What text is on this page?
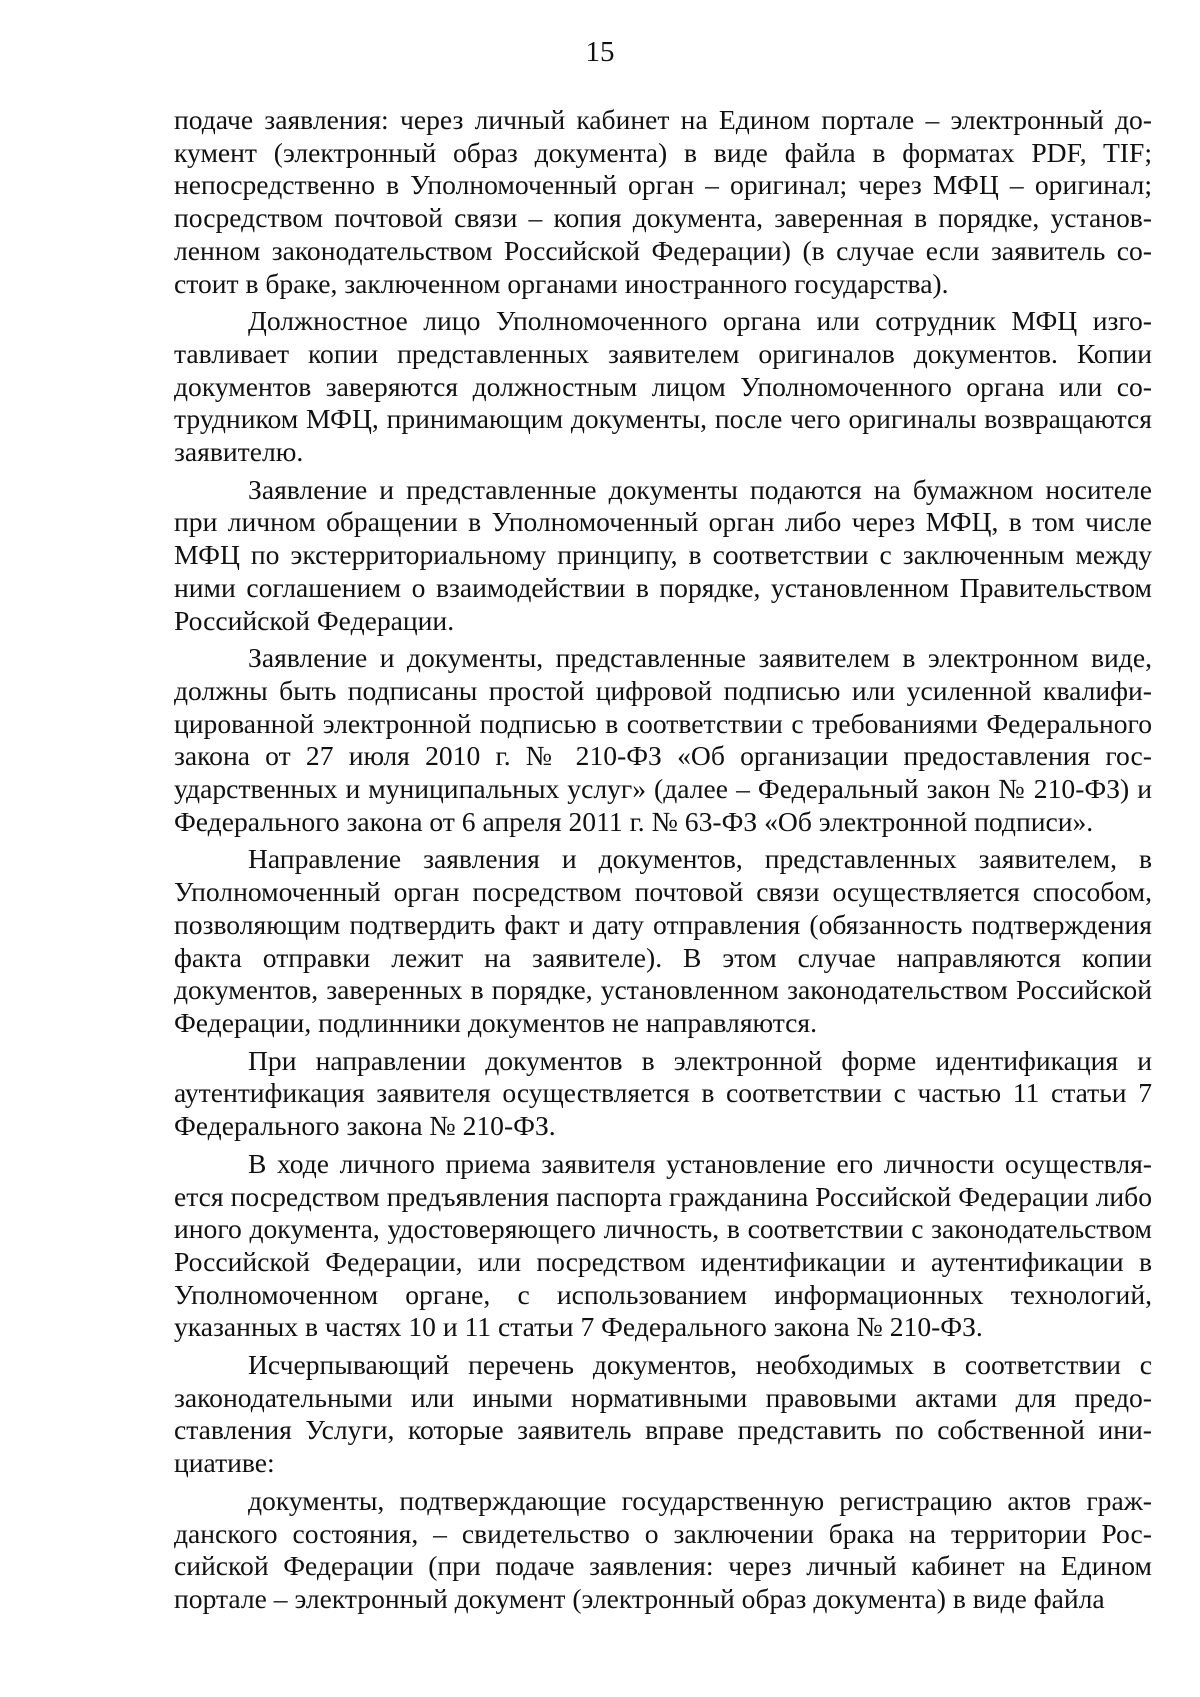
15

подаче заявления: через личный кабинет на Едином портале – электронный документ (электронный образ документа) в виде файла в форматах PDF, TIF; непосредственно в Уполномоченный орган – оригинал; через МФЦ – оригинал; посредством почтовой связи – копия документа, заверенная в порядке, установленном законодательством Российской Федерации) (в случае если заявитель состоит в браке, заключенном органами иностранного государства).

Должностное лицо Уполномоченного органа или сотрудник МФЦ изготавливает копии представленных заявителем оригиналов документов. Копии документов заверяются должностным лицом Уполномоченного органа или сотрудником МФЦ, принимающим документы, после чего оригиналы возвращаются заявителю.

Заявление и представленные документы подаются на бумажном носителе при личном обращении в Уполномоченный орган либо через МФЦ, в том числе МФЦ по экстерриториальному принципу, в соответствии с заключенным между ними соглашением о взаимодействии в порядке, установленном Правительством Российской Федерации.

Заявление и документы, представленные заявителем в электронном виде, должны быть подписаны простой цифровой подписью или усиленной квалифицированной электронной подписью в соответствии с требованиями Федерального закона от 27 июля 2010 г. № 210-ФЗ «Об организации предоставления государственных и муниципальных услуг» (далее – Федеральный закон № 210-ФЗ) и Федерального закона от 6 апреля 2011 г. № 63-ФЗ «Об электронной подписи».

Направление заявления и документов, представленных заявителем, в Уполномоченный орган посредством почтовой связи осуществляется способом, позволяющим подтвердить факт и дату отправления (обязанность подтверждения факта отправки лежит на заявителе). В этом случае направляются копии документов, заверенных в порядке, установленном законодательством Российской Федерации, подлинники документов не направляются.

При направлении документов в электронной форме идентификация и аутентификация заявителя осуществляется в соответствии с частью 11 статьи 7 Федерального закона № 210-ФЗ.

В ходе личного приема заявителя установление его личности осуществляется посредством предъявления паспорта гражданина Российской Федерации либо иного документа, удостоверяющего личность, в соответствии с законодательством Российской Федерации, или посредством идентификации и аутентификации в Уполномоченном органе, с использованием информационных технологий, указанных в частях 10 и 11 статьи 7 Федерального закона № 210-ФЗ.

Исчерпывающий перечень документов, необходимых в соответствии с законодательными или иными нормативными правовыми актами для предоставления Услуги, которые заявитель вправе представить по собственной инициативе:

документы, подтверждающие государственную регистрацию актов гражданского состояния, – свидетельство о заключении брака на территории Российской Федерации (при подаче заявления: через личный кабинет на Едином портале – электронный документ (электронный образ документа) в виде файла
